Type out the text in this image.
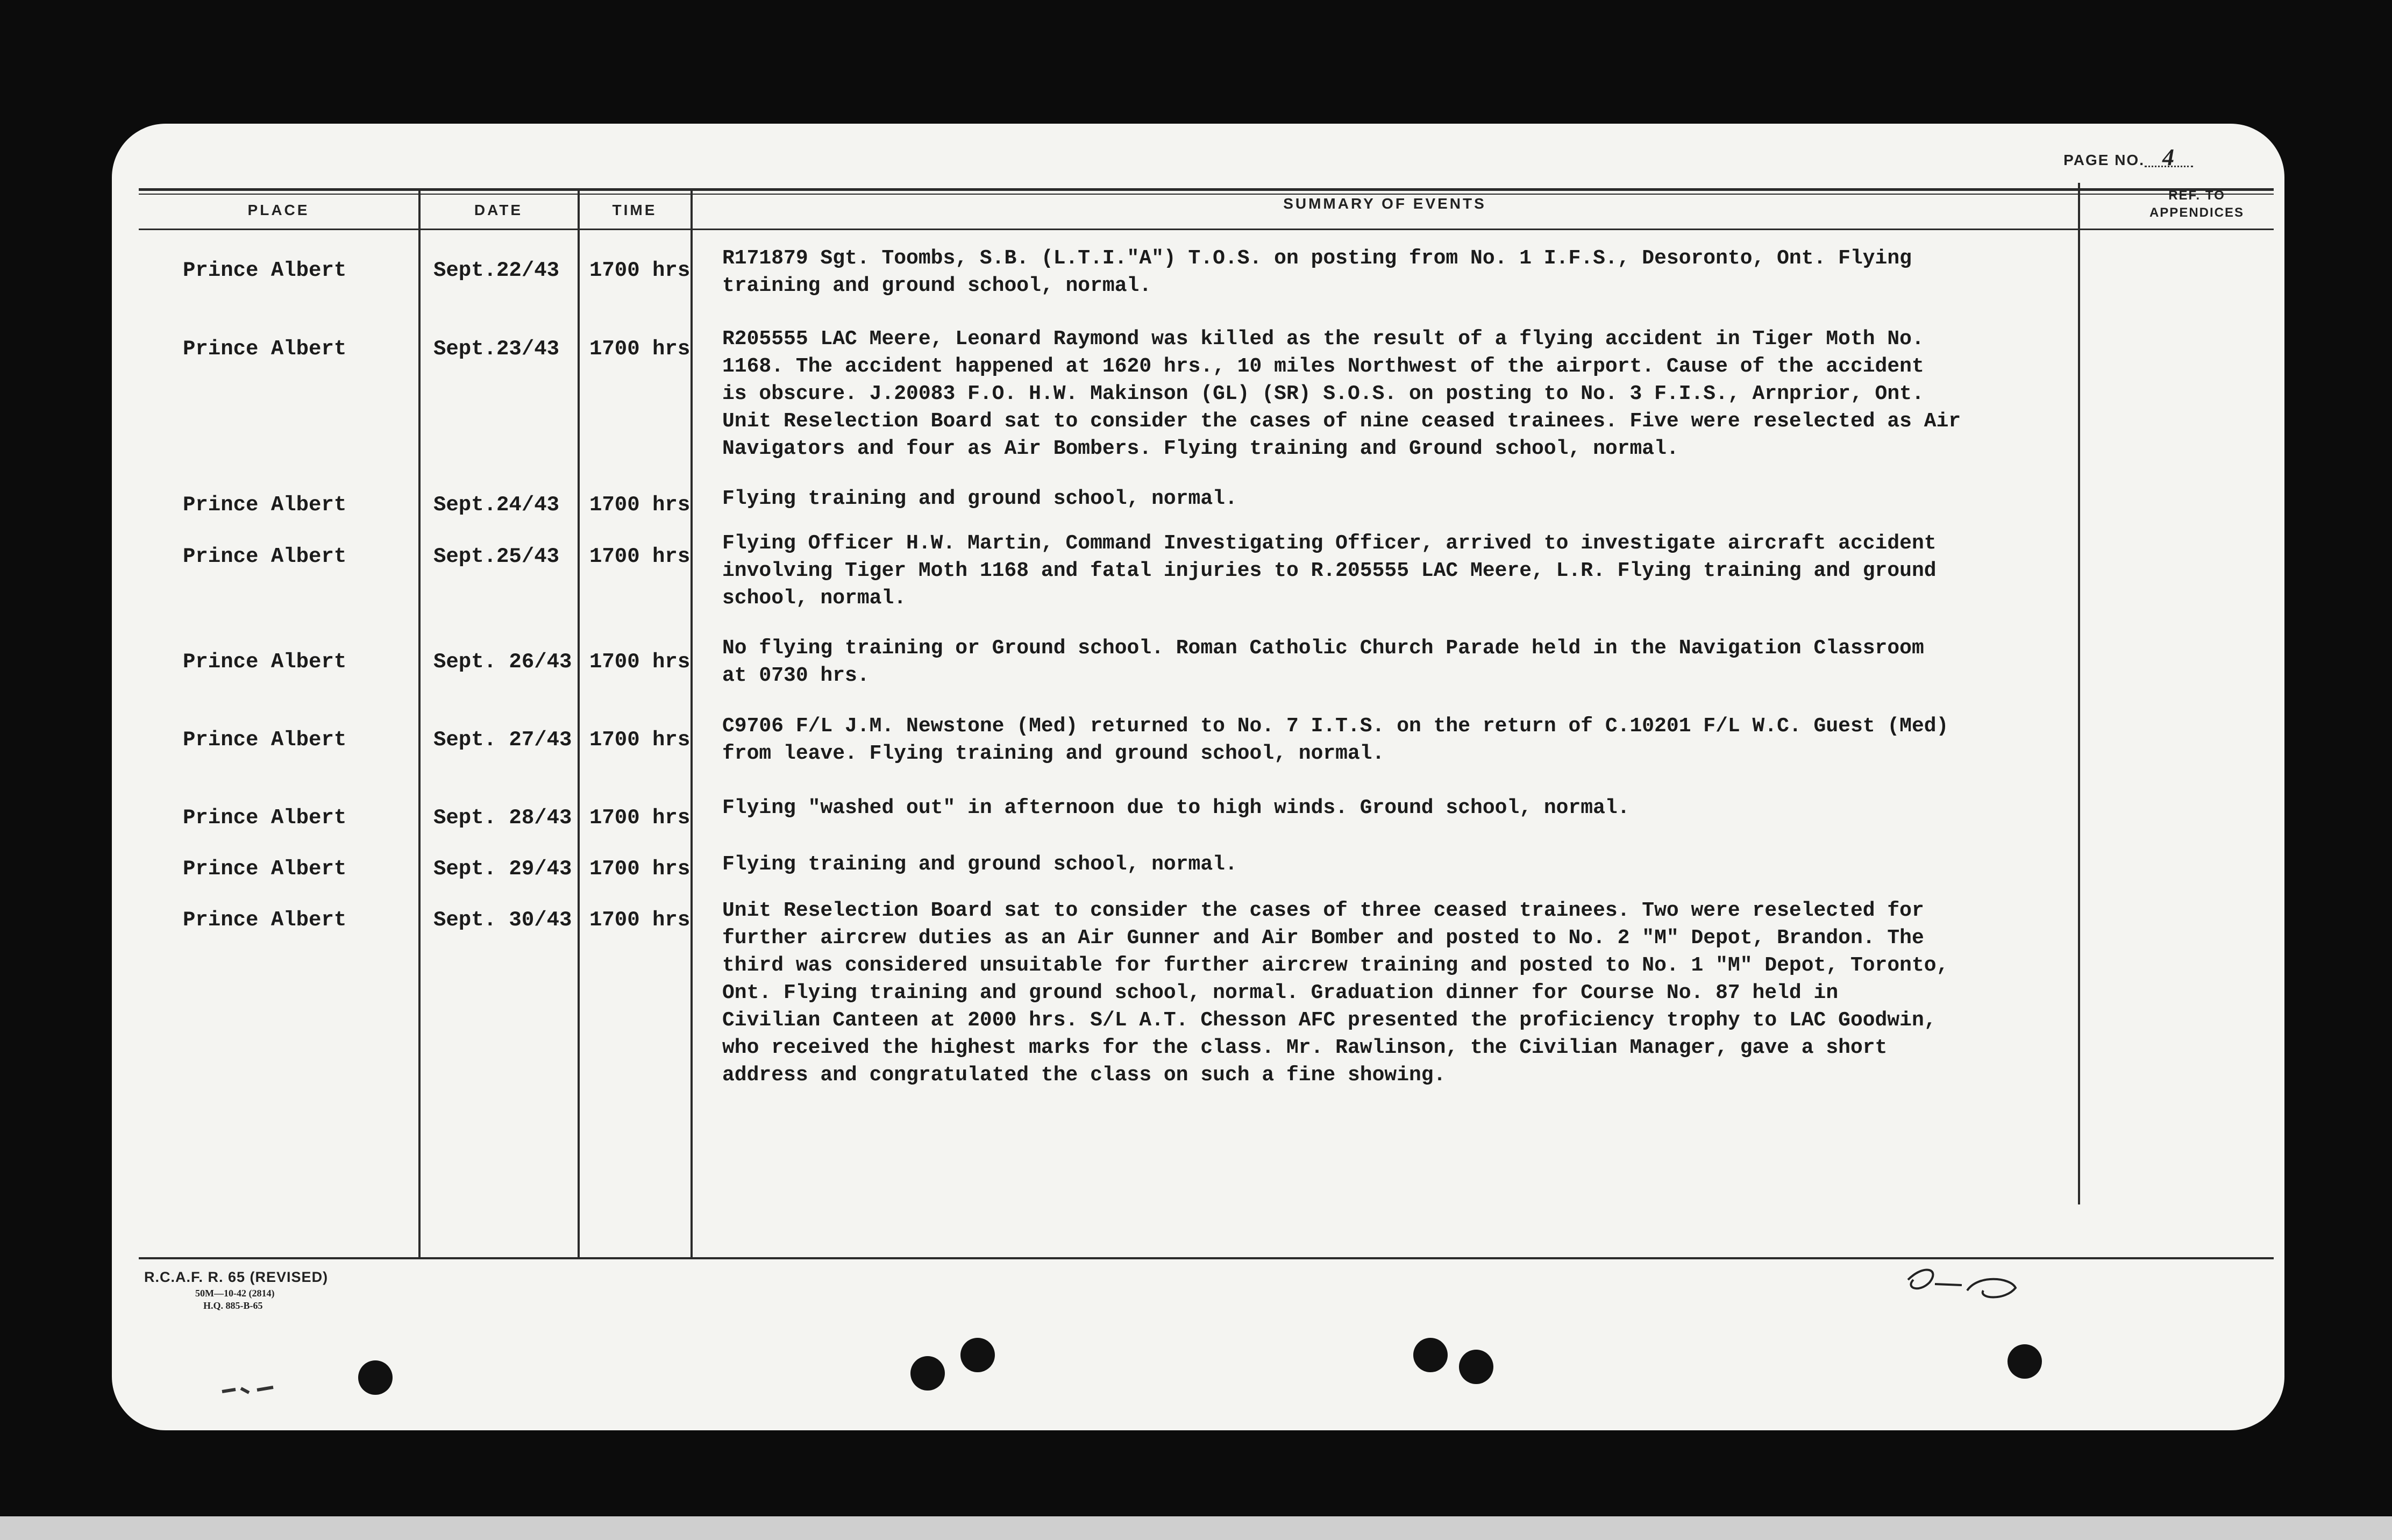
PAGE NO. 4
PLACE	DATE	TIME	SUMMARY OF EVENTS	REF. TO
APPENDICES
Prince Albert	Sept.22/43 1700 hrs
R171879 Sgt. Toombs, S.B. (L.T.I."A") T.O.S. on posting from No. 1 I.F.S., Desoronto, Ont. Flying
training and ground school, normal.
Prince Albert	Sept.23/43 1700 hrs R205555 LAC Meere, Leonard Raymond was killed as the result of a flying accident in Tiger Moth No.
1168. The accident happened at 1620 hrs., 10 miles Northwest of the airport. Cause of the accident
is obscure. J.20083 F.O. H.W. Makinson (GL) (SR) S.O.S. on posting to No. 3 F.I.S., Arnprior, Ont.
Unit Reselection Board sat to consider the cases of nine ceased trainees. Five were reselected as Air
Navigators and four as Air Bombers. Flying training and Ground school, normal.
Prince Albert	Sept.24/43 1700 hrs Flying training and ground school, normal.
Prince Albert	Sept.25/43 1700 hrs
Flying Officer H.W. Martin, Command Investigating Officer, arrived to investigate aircraft accident
involving Tiger Moth 1168 and fatal injuries to R.205555 LAC Meere, L.R. Flying training and ground
school, normal.
Prince Albert	Sept. 26/43 1700 hrs
No flying training or Ground school. Roman Catholic Church Parade held in the Navigation Classroom
at 0730 hrs.
Prince Albert	Sept. 27/43 1700 hrs
C9706 F/L J.M. Newstone (Med) returned to No. 7 I.T.S. on the return of C.10201 F/L W.C. Guest (Med)
from leave. Flying training and ground school, normal.
Prince Albert	Sept. 28/43 1700 hrs Flying "washed out" in afternoon due to high winds. Ground school, normal.
Prince Albert	Sept. 29/43 1700 hrs Flying training and ground school, normal.
Prince Albert	Sept. 30/43 1700 hrs Unit Reselection Board sat to consider the cases of three ceased trainees. Two were reselected for
further aircrew duties as an Air Gunner and Air Bomber and posted to No. 2 "M" Depot, Brandon. The
third was considered unsuitable for further aircrew training and posted to No. 1 "M" Depot, Toronto,
Ont. Flying training and ground school, normal. Graduation dinner for Course No. 87 held in
Civilian Canteen at 2000 hrs. S/L A.T. Chesson AFC presented the proficiency trophy to LAC Goodwin,
who received the highest marks for the class. Mr. Rawlinson, the Civilian Manager, gave a short
address and congratulated the class on such a fine showing.
R.C.A.F. R. 65 (REVISED)
50M—10-42 (2814)
H.Q. 885-B-65
